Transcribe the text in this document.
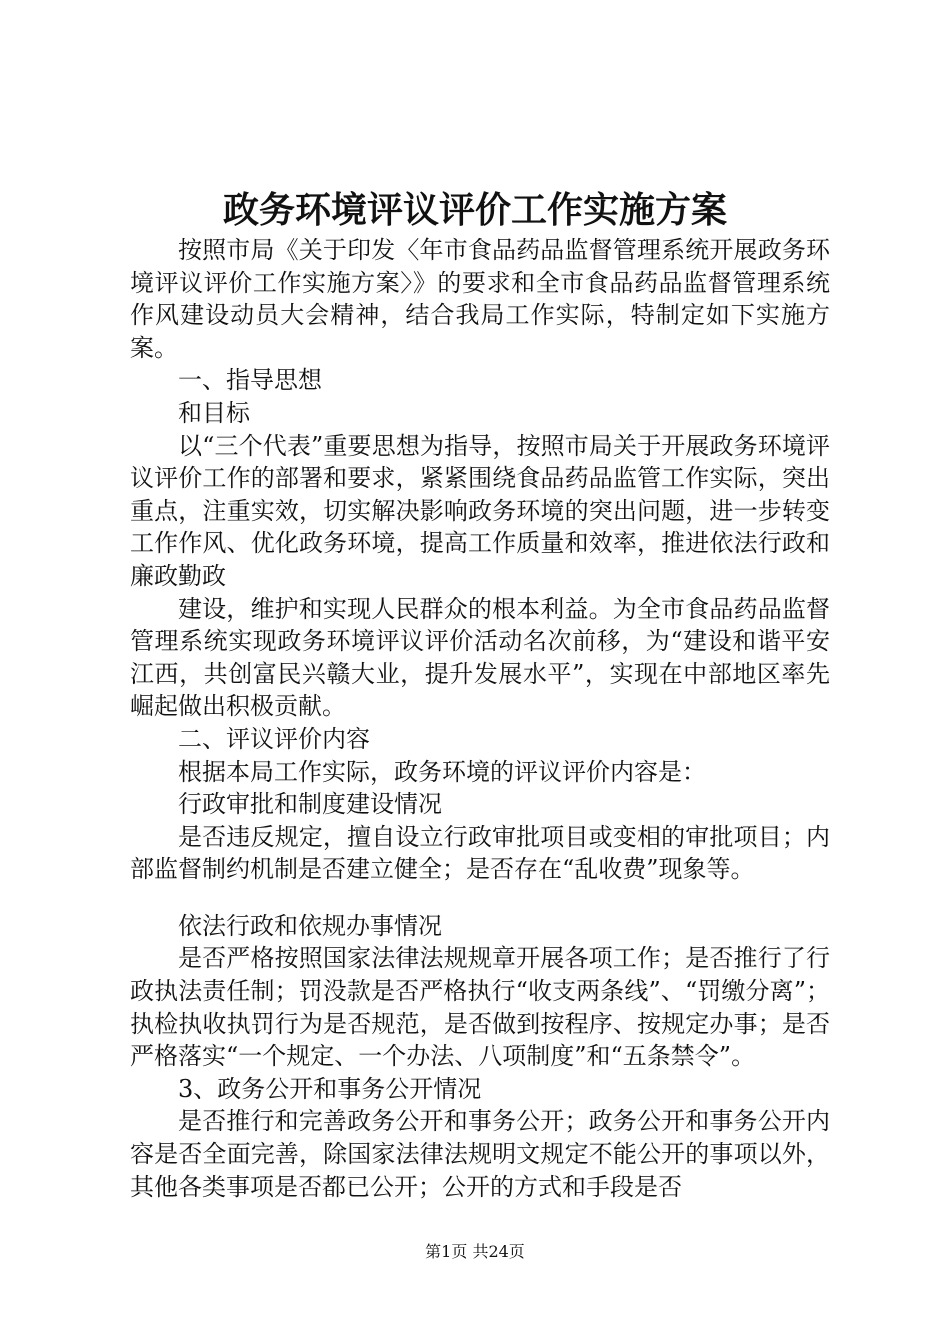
政务环境评议评价工作实施方案

按照市局《关于印发〈年市食品药品监督管理系统开展政务环境评议评价工作实施方案〉》的要求和全市食品药品监督管理系统作风建设动员大会精神，结合我局工作实际，特制定如下实施方案。

一、指导思想

和目标

以“三个代表”重要思想为指导，按照市局关于开展政务环境评议评价工作的部署和要求，紧紧围绕食品药品监管工作实际，突出重点，注重实效，切实解决影响政务环境的突出问题，进一步转变工作作风、优化政务环境，提高工作质量和效率，推进依法行政和廉政勤政

建设，维护和实现人民群众的根本利益。为全市食品药品监督管理系统实现政务环境评议评价活动名次前移，为“建设和谐平安江西，共创富民兴赣大业，提升发展水平”，实现在中部地区率先崛起做出积极贡献。

二、评议评价内容

根据本局工作实际，政务环境的评议评价内容是：

行政审批和制度建设情况

是否违反规定，擅自设立行政审批项目或变相的审批项目；内部监督制约机制是否建立健全；是否存在“乱收费”现象等。

依法行政和依规办事情况

是否严格按照国家法律法规规章开展各项工作；是否推行了行政执法责任制；罚没款是否严格执行“收支两条线”、“罚缴分离”；执检执收执罚行为是否规范，是否做到按程序、按规定办事；是否严格落实“一个规定、一个办法、八项制度”和“五条禁令”。

3、政务公开和事务公开情况

是否推行和完善政务公开和事务公开；政务公开和事务公开内容是否全面完善，除国家法律法规明文规定不能公开的事项以外，其他各类事项是否都已公开；公开的方式和手段是否

第1页 共24页
